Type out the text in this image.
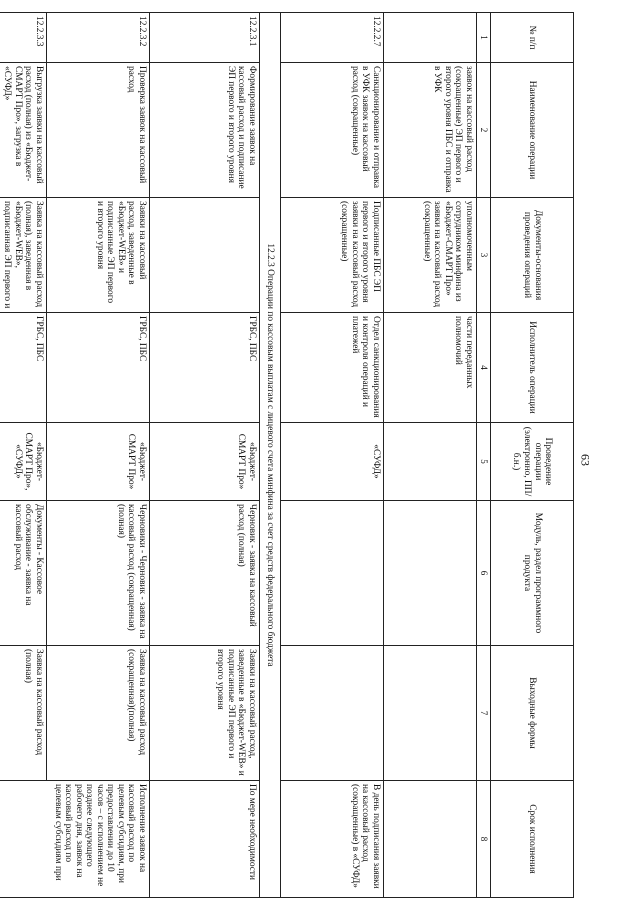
63
№ п/п	Наименование операции	Документы-основания проведения операций	Исполнитель операции	Проведение операции (электронно, ПП/б.н.)	Модуль, раздел программного продукта	Выходные формы	Срок исполнения
1	2	3	4	5	6	7	8
	заявок на кассовый расход (сокращенные) ЭП первого и второго уровня ПБС и отправка в УФК	уполномоченным сотрудником минфина из «Бюджет-СМАРТ Про» заявки на кассовый расход (сокращенные)	части переданных полномочий				
12.2.2.7	Санкционирование и отправка в УФК заявок на кассовый расход (сокращенные)	Подписанные ПБС ЭП первого и второго уровня заявки на кассовый расход (сокращенные)	Отдел санкционирования и контроля операций и платежей	«СУФД»			В день подписания заявки на кассовый расход (сокращенные) в «СУФД»
12.2.3 Операции по кассовым выплатам с лицевого счета минфина за счет средств федерального бюджета							
12.2.3.1	Формирование заявок на кассовый расход и подписание ЭП первого и второго уровня		ГРБС, ПБС	«Бюджет-СМАРТ Про»	Черновик - заявка на кассовый расход (полная)	Заявки на кассовый расход, заведенные в «Бюджет-WEB» и подписанные ЭП первого и второго уровня	По мере необходимости
12.2.3.2	Проверка заявок на кассовый расход	Заявки на кассовый расход, заведенные в «Бюджет-WEB» и подписанные ЭП первого и второго уровня	ГРБС, ПБС	«Бюджет-СМАРТ Про»	Черновики - Черновик - заявка на кассовый расход (сокращенная) (полная)	Заявка на кассовый расход (сокращенная)(полная)	Исполнение заявок на кассовый расход по целевым субсидиям, при предоставлении до 10 часов – с исполнением не позднее следующего рабочего дня, заявок на кассовый расход по целевым субсидиям при
12.2.3.3	Выгрузка заявки на кассовый расход (полная) из «Бюджет-СМАРТ Про», загрузка в «СУФД»	Заявка на кассовый расход (полная), заведенная в «Бюджет-WEB», подписанная ЭП первого и	ГРБС, ПБС	«Бюджет-СМАРТ Про», «СУФД»	Документы - Кассовое обслуживание - заявка на кассовый расход	Заявка на кассовый расход (полная)	
